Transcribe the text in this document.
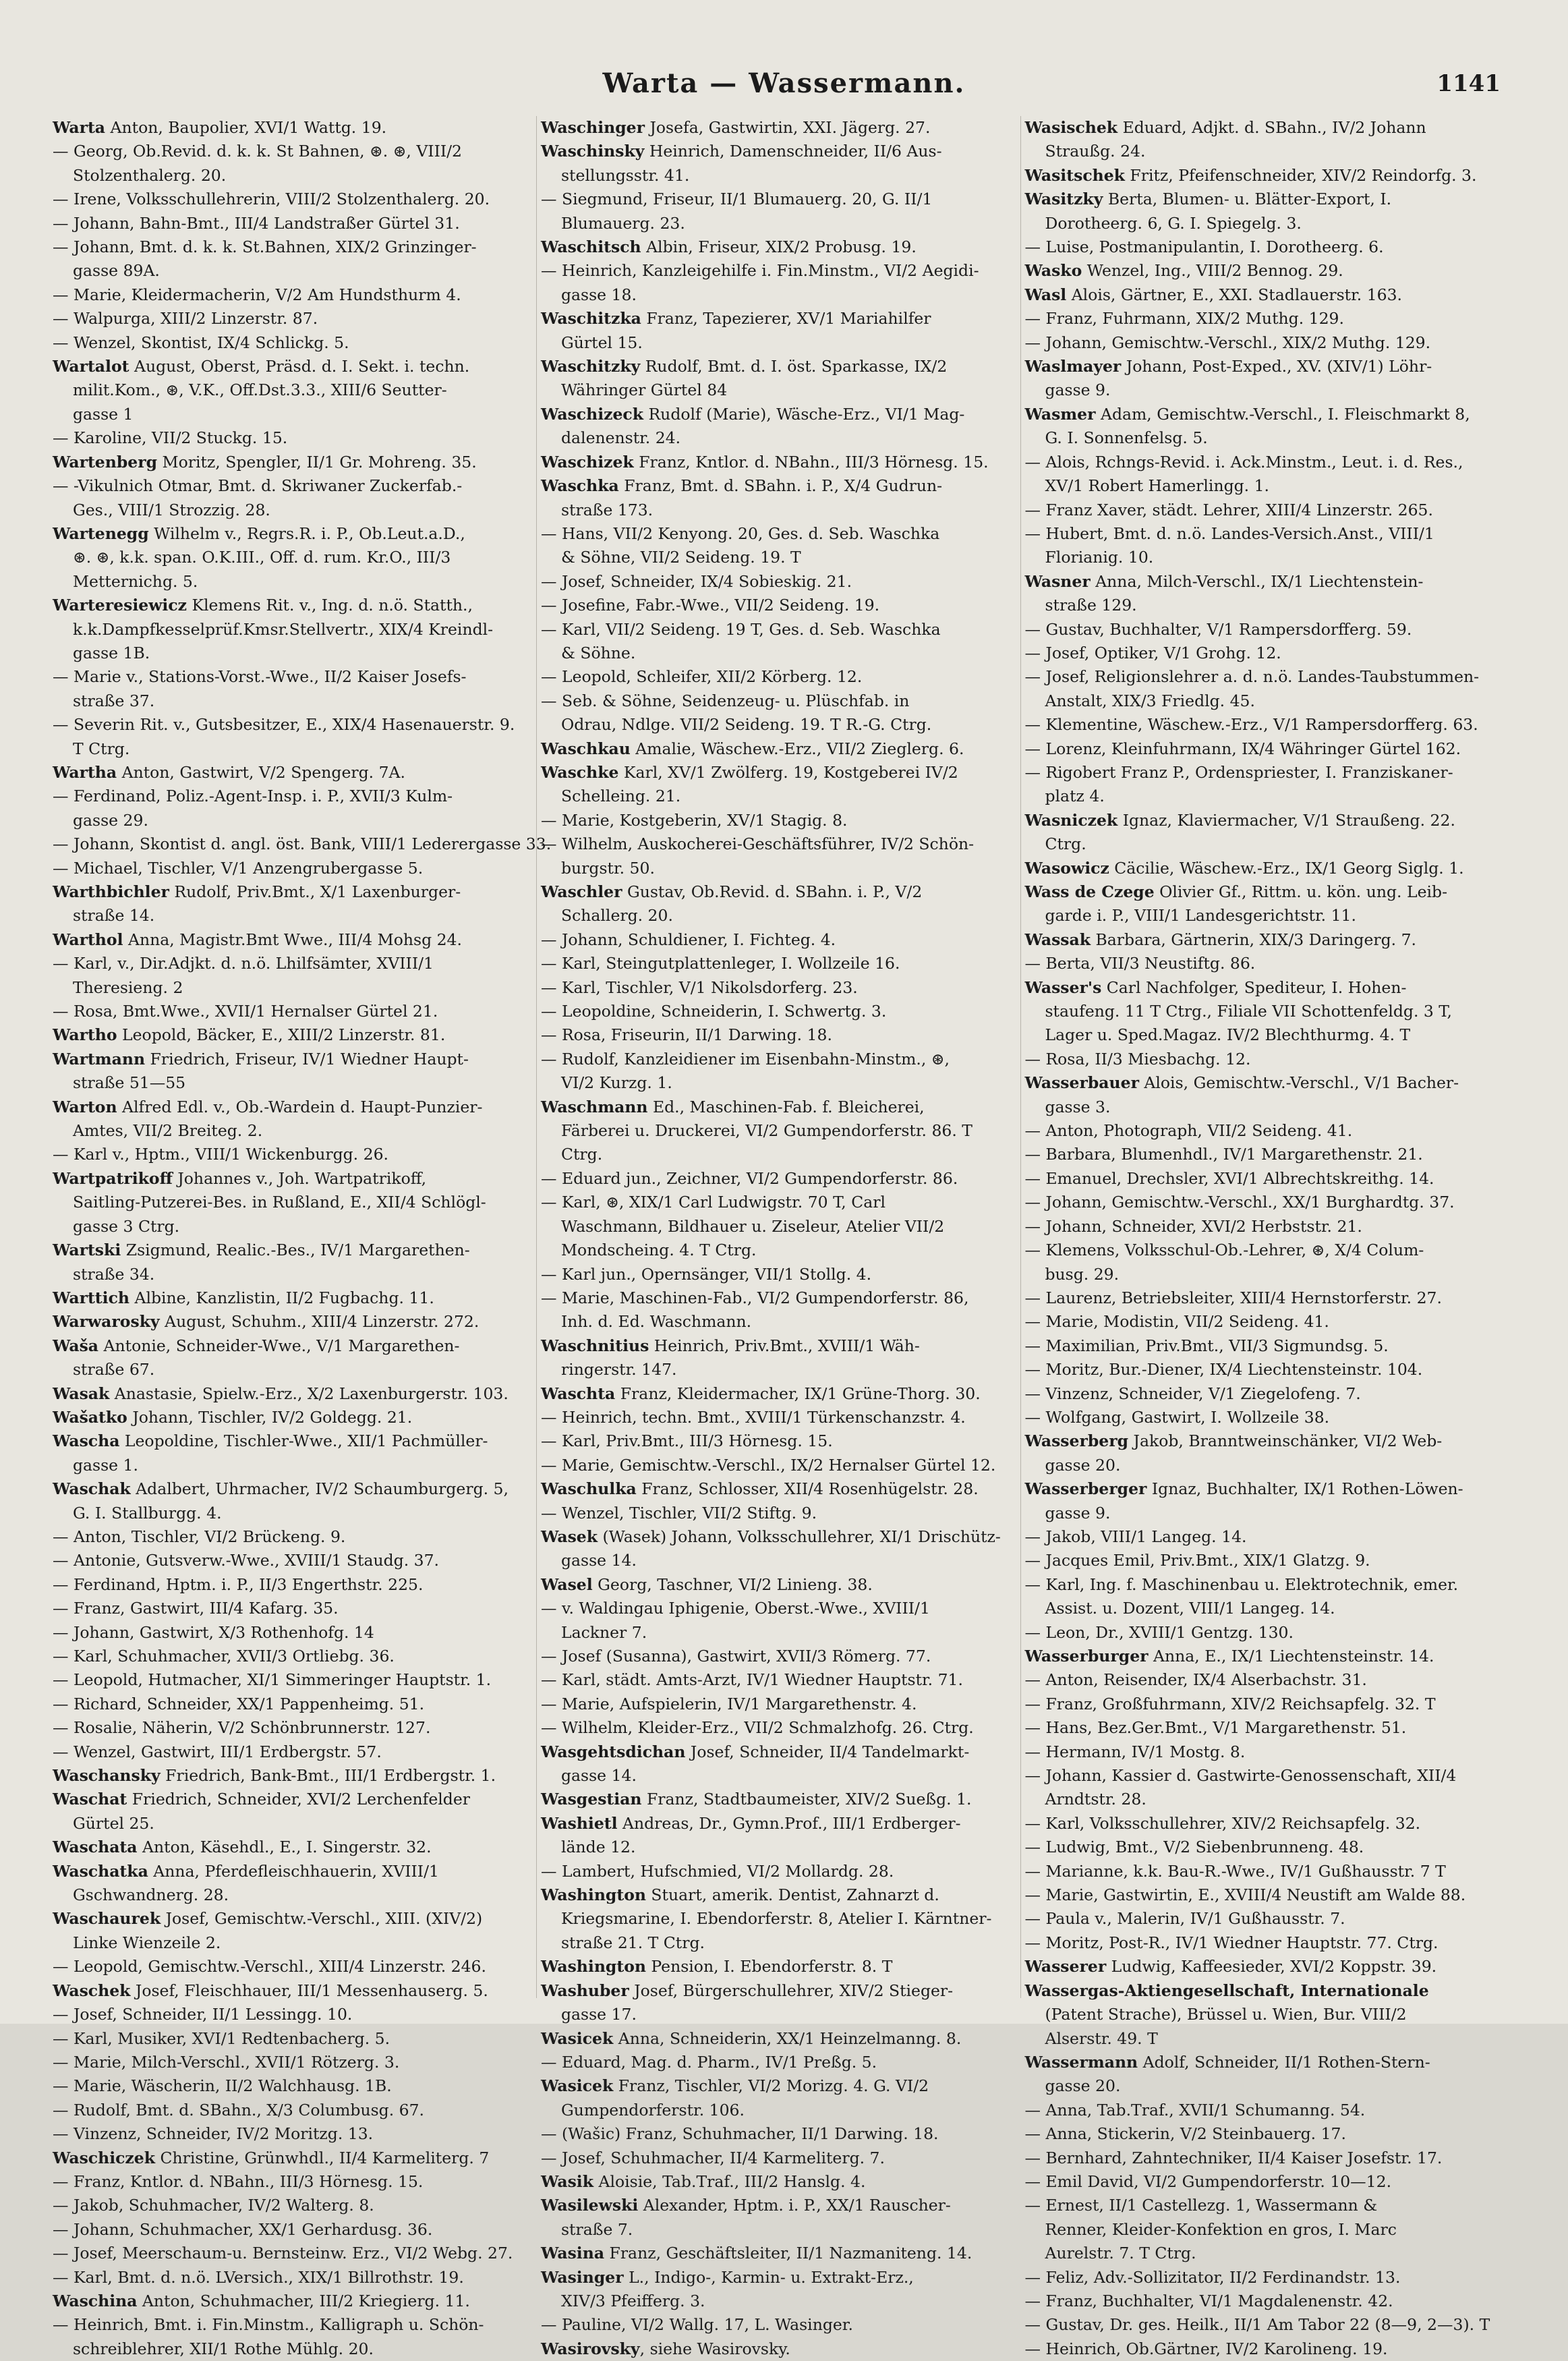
Warta — Wassermann.	1141
Warta Anton, Baupolier, XVI/1 Wattg. 19.
— Georg, Ob.Revid. d. k. k. St Bahnen, ⊛. ⊛, VIII/2
Stolzenthalerg. 20.
— Irene, Volksschullehrerin, VIII/2 Stolzenthalerg. 20.
— Johann, Bahn-Bmt., III/4 Landstraßer Gürtel 31.
— Johann, Bmt. d. k. k. St.Bahnen, XIX/2 Grinzinger-
gasse 89A.
— Marie, Kleidermacherin, V/2 Am Hundsthurm 4.
— Walpurga, XIII/2 Linzerstr. 87.
— Wenzel, Skontist, IX/4 Schlickg. 5.
Wartalot August, Oberst, Präsd. d. I. Sekt. i. techn.
milit.Kom., ⊛, V.K., Off.Dst.3.3., XIII/6 Seutter-
gasse 1
— Karoline, VII/2 Stuckg. 15.
Wartenberg Moritz, Spengler, II/1 Gr. Mohreng. 35.
— -Vikulnich Otmar, Bmt. d. Skriwaner Zuckerfab.-
Ges., VIII/1 Strozzig. 28.
Wartenegg Wilhelm v., Regrs.R. i. P., Ob.Leut.a.D.,
⊛. ⊛, k.k. span. O.K.III., Off. d. rum. Kr.O., III/3
Metternichg. 5.
Warteresiewicz Klemens Rit. v., Ing. d. n.ö. Statth.,
k.k.Dampfkesselprüf.Kmsr.Stellvertr., XIX/4 Kreindl-
gasse 1B.
— Marie v., Stations-Vorst.-Wwe., II/2 Kaiser Josefs-
straße 37.
— Severin Rit. v., Gutsbesitzer, E., XIX/4 Hasenauerstr. 9.
T Ctrg.
Wartha Anton, Gastwirt, V/2 Spengerg. 7A.
— Ferdinand, Poliz.-Agent-Insp. i. P., XVII/3 Kulm-
gasse 29.
— Johann, Skontist d. angl. öst. Bank, VIII/1 Lederergasse 33.
— Michael, Tischler, V/1 Anzengrubergasse 5.
Warthbichler Rudolf, Priv.Bmt., X/1 Laxenburger-
straße 14.
Warthol Anna, Magistr.Bmt Wwe., III/4 Mohsg 24.
— Karl, v., Dir.Adjkt. d. n.ö. Lhilfsämter, XVIII/1
Theresieng. 2
— Rosa, Bmt.Wwe., XVII/1 Hernalser Gürtel 21.
Wartho Leopold, Bäcker, E., XIII/2 Linzerstr. 81.
Wartmann Friedrich, Friseur, IV/1 Wiedner Haupt-
straße 51—55
Warton Alfred Edl. v., Ob.-Wardein d. Haupt-Punzier-
Amtes, VII/2 Breiteg. 2.
— Karl v., Hptm., VIII/1 Wickenburgg. 26.
Wartpatrikoff Johannes v., Joh. Wartpatrikoff,
Saitling-Putzerei-Bes. in Rußland, E., XII/4 Schlögl-
gasse 3 Ctrg.
Wartski Zsigmund, Realic.-Bes., IV/1 Margarethen-
straße 34.
Warttich Albine, Kanzlistin, II/2 Fugbachg. 11.
Warwarosky August, Schuhm., XIII/4 Linzerstr. 272.
Waša Antonie, Schneider-Wwe., V/1 Margarethen-
straße 67.
Wasak Anastasie, Spielw.-Erz., X/2 Laxenburgerstr. 103.
Wašatko Johann, Tischler, IV/2 Goldegg. 21.
Wascha Leopoldine, Tischler-Wwe., XII/1 Pachmüller-
gasse 1.
Waschak Adalbert, Uhrmacher, IV/2 Schaumburgerg. 5,
G. I. Stallburgg. 4.
— Anton, Tischler, VI/2 Brückeng. 9.
— Antonie, Gutsverw.-Wwe., XVIII/1 Staudg. 37.
— Ferdinand, Hptm. i. P., II/3 Engerthstr. 225.
— Franz, Gastwirt, III/4 Kafarg. 35.
— Johann, Gastwirt, X/3 Rothenhofg. 14
— Karl, Schuhmacher, XVII/3 Ortliebg. 36.
— Leopold, Hutmacher, XI/1 Simmeringer Hauptstr. 1.
— Richard, Schneider, XX/1 Pappenheimg. 51.
— Rosalie, Näherin, V/2 Schönbrunnerstr. 127.
— Wenzel, Gastwirt, III/1 Erdbergstr. 57.
Waschansky Friedrich, Bank-Bmt., III/1 Erdbergstr. 1.
Waschat Friedrich, Schneider, XVI/2 Lerchenfelder
Gürtel 25.
Waschata Anton, Käsehdl., E., I. Singerstr. 32.
Waschatka Anna, Pferdefleischhauerin, XVIII/1
Gschwandnerg. 28.
Waschaurek Josef, Gemischtw.-Verschl., XIII. (XIV/2)
Linke Wienzeile 2.
— Leopold, Gemischtw.-Verschl., XIII/4 Linzerstr. 246.
Waschek Josef, Fleischhauer, III/1 Messenhauserg. 5.
— Josef, Schneider, II/1 Lessingg. 10.
— Karl, Musiker, XVI/1 Redtenbacherg. 5.
— Marie, Milch-Verschl., XVII/1 Rötzerg. 3.
— Marie, Wäscherin, II/2 Walchhausg. 1B.
— Rudolf, Bmt. d. SBahn., X/3 Columbusg. 67.
— Vinzenz, Schneider, IV/2 Moritzg. 13.
Waschiczek Christine, Grünwhdl., II/4 Karmeliterg. 7
— Franz, Kntlor. d. NBahn., III/3 Hörnesg. 15.
— Jakob, Schuhmacher, IV/2 Walterg. 8.
— Johann, Schuhmacher, XX/1 Gerhardusg. 36.
— Josef, Meerschaum-u. Bernsteinw. Erz., VI/2 Webg. 27.
— Karl, Bmt. d. n.ö. LVersich., XIX/1 Billrothstr. 19.
Waschina Anton, Schuhmacher, III/2 Kriegierg. 11.
— Heinrich, Bmt. i. Fin.Minstm., Kalligraph u. Schön-
schreiblehrer, XII/1 Rothe Mühlg. 20.
Waschinger Josefa, Gastwirtin, XXI. Jägerg. 27.
Waschinsky Heinrich, Damenschneider, II/6 Aus-
stellungsstr. 41.
— Siegmund, Friseur, II/1 Blumauerg. 20, G. II/1
Blumauerg. 23.
Waschitsch Albin, Friseur, XIX/2 Probusg. 19.
— Heinrich, Kanzleigehilfe i. Fin.Minstm., VI/2 Aegidi-
gasse 18.
Waschitzka Franz, Tapezierer, XV/1 Mariahilfer
Gürtel 15.
Waschitzky Rudolf, Bmt. d. I. öst. Sparkasse, IX/2
Währinger Gürtel 84
Waschizeck Rudolf (Marie), Wäsche-Erz., VI/1 Mag-
dalenenstr. 24.
Waschizek Franz, Kntlor. d. NBahn., III/3 Hörnesg. 15.
Waschka Franz, Bmt. d. SBahn. i. P., X/4 Gudrun-
straße 173.
— Hans, VII/2 Kenyong. 20, Ges. d. Seb. Waschka
& Söhne, VII/2 Seideng. 19. T
— Josef, Schneider, IX/4 Sobieskig. 21.
— Josefine, Fabr.-Wwe., VII/2 Seideng. 19.
— Karl, VII/2 Seideng. 19 T, Ges. d. Seb. Waschka
& Söhne.
— Leopold, Schleifer, XII/2 Körberg. 12.
— Seb. & Söhne, Seidenzeug- u. Plüschfab. in
Odrau, Ndlge. VII/2 Seideng. 19. T R.-G. Ctrg.
Waschkau Amalie, Wäschew.-Erz., VII/2 Zieglerg. 6.
Waschke Karl, XV/1 Zwölferg. 19, Kostgeberei IV/2
Schelleing. 21.
— Marie, Kostgeberin, XV/1 Stagig. 8.
— Wilhelm, Auskocherei-Geschäftsführer, IV/2 Schön-
burgstr. 50.
Waschler Gustav, Ob.Revid. d. SBahn. i. P., V/2
Schallerg. 20.
— Johann, Schuldiener, I. Fichteg. 4.
— Karl, Steingutplattenleger, I. Wollzeile 16.
— Karl, Tischler, V/1 Nikolsdorferg. 23.
— Leopoldine, Schneiderin, I. Schwertg. 3.
— Rosa, Friseurin, II/1 Darwing. 18.
— Rudolf, Kanzleidiener im Eisenbahn-Minstm., ⊛,
VI/2 Kurzg. 1.
Waschmann Ed., Maschinen-Fab. f. Bleicherei,
Färberei u. Druckerei, VI/2 Gumpendorferstr. 86. T
Ctrg.
— Eduard jun., Zeichner, VI/2 Gumpendorferstr. 86.
— Karl, ⊛, XIX/1 Carl Ludwigstr. 70 T, Carl
Waschmann, Bildhauer u. Ziseleur, Atelier VII/2
Mondscheing. 4. T Ctrg.
— Karl jun., Opernsänger, VII/1 Stollg. 4.
— Marie, Maschinen-Fab., VI/2 Gumpendorferstr. 86,
Inh. d. Ed. Waschmann.
Waschnitius Heinrich, Priv.Bmt., XVIII/1 Wäh-
ringerstr. 147.
Waschta Franz, Kleidermacher, IX/1 Grüne-Thorg. 30.
— Heinrich, techn. Bmt., XVIII/1 Türkenschanzstr. 4.
— Karl, Priv.Bmt., III/3 Hörnesg. 15.
— Marie, Gemischtw.-Verschl., IX/2 Hernalser Gürtel 12.
Waschulka Franz, Schlosser, XII/4 Rosenhügelstr. 28.
— Wenzel, Tischler, VII/2 Stiftg. 9.
Wasek (Wasek) Johann, Volksschullehrer, XI/1 Drischütz-
gasse 14.
Wasel Georg, Taschner, VI/2 Linieng. 38.
— v. Waldingau Iphigenie, Oberst.-Wwe., XVIII/1
Lackner 7.
— Josef (Susanna), Gastwirt, XVII/3 Römerg. 77.
— Karl, städt. Amts-Arzt, IV/1 Wiedner Hauptstr. 71.
— Marie, Aufspielerin, IV/1 Margarethenstr. 4.
— Wilhelm, Kleider-Erz., VII/2 Schmalzhofg. 26. Ctrg.
Wasgehtsdichan Josef, Schneider, II/4 Tandelmarkt-
gasse 14.
Wasgestian Franz, Stadtbaumeister, XIV/2 Sueßg. 1.
Washietl Andreas, Dr., Gymn.Prof., III/1 Erdberger-
lände 12.
— Lambert, Hufschmied, VI/2 Mollardg. 28.
Washington Stuart, amerik. Dentist, Zahnarzt d.
Kriegsmarine, I. Ebendorferstr. 8, Atelier I. Kärntner-
straße 21. T Ctrg.
Washington Pension, I. Ebendorferstr. 8. T
Washuber Josef, Bürgerschullehrer, XIV/2 Stieger-
gasse 17.
Wasicek Anna, Schneiderin, XX/1 Heinzelmanng. 8.
— Eduard, Mag. d. Pharm., IV/1 Preßg. 5.
Wasicek Franz, Tischler, VI/2 Morizg. 4. G. VI/2
Gumpendorferstr. 106.
— (Wašic) Franz, Schuhmacher, II/1 Darwing. 18.
— Josef, Schuhmacher, II/4 Karmeliterg. 7.
Wasik Aloisie, Tab.Traf., III/2 Hanslg. 4.
Wasilewski Alexander, Hptm. i. P., XX/1 Rauscher-
straße 7.
Wasina Franz, Geschäftsleiter, II/1 Nazmaniteng. 14.
Wasinger L., Indigo-, Karmin- u. Extrakt-Erz.,
XIV/3 Pfeifferg. 3.
— Pauline, VI/2 Wallg. 17, L. Wasinger.
Wasirovsky, siehe Wasirovsky.
Wasischek Eduard, Adjkt. d. SBahn., IV/2 Johann
Straußg. 24.
Wasitschek Fritz, Pfeifenschneider, XIV/2 Reindorfg. 3.
Wasitzky Berta, Blumen- u. Blätter-Export, I.
Dorotheerg. 6, G. I. Spiegelg. 3.
— Luise, Postmanipulantin, I. Dorotheerg. 6.
Wasko Wenzel, Ing., VIII/2 Bennog. 29.
Wasl Alois, Gärtner, E., XXI. Stadlauerstr. 163.
— Franz, Fuhrmann, XIX/2 Muthg. 129.
— Johann, Gemischtw.-Verschl., XIX/2 Muthg. 129.
Waslmayer Johann, Post-Exped., XV. (XIV/1) Löhr-
gasse 9.
Wasmer Adam, Gemischtw.-Verschl., I. Fleischmarkt 8,
G. I. Sonnenfelsg. 5.
— Alois, Rchngs-Revid. i. Ack.Minstm., Leut. i. d. Res.,
XV/1 Robert Hamerlingg. 1.
— Franz Xaver, städt. Lehrer, XIII/4 Linzerstr. 265.
— Hubert, Bmt. d. n.ö. Landes-Versich.Anst., VIII/1
Florianig. 10.
Wasner Anna, Milch-Verschl., IX/1 Liechtenstein-
straße 129.
— Gustav, Buchhalter, V/1 Rampersdorfferg. 59.
— Josef, Optiker, V/1 Grohg. 12.
— Josef, Religionslehrer a. d. n.ö. Landes-Taubstummen-
Anstalt, XIX/3 Friedlg. 45.
— Klementine, Wäschew.-Erz., V/1 Rampersdorfferg. 63.
— Lorenz, Kleinfuhrmann, IX/4 Währinger Gürtel 162.
— Rigobert Franz P., Ordenspriester, I. Franziskaner-
platz 4.
Wasniczek Ignaz, Klaviermacher, V/1 Straußeng. 22.
Ctrg.
Wasowicz Cäcilie, Wäschew.-Erz., IX/1 Georg Siglg. 1.
Wass de Czege Olivier Gf., Rittm. u. kön. ung. Leib-
garde i. P., VIII/1 Landesgerichtstr. 11.
Wassak Barbara, Gärtnerin, XIX/3 Daringerg. 7.
— Berta, VII/3 Neustiftg. 86.
Wasser's Carl Nachfolger, Spediteur, I. Hohen-
staufeng. 11 T Ctrg., Filiale VII Schottenfeldg. 3 T,
Lager u. Sped.Magaz. IV/2 Blechthurmg. 4. T
— Rosa, II/3 Miesbachg. 12.
Wasserbauer Alois, Gemischtw.-Verschl., V/1 Bacher-
gasse 3.
— Anton, Photograph, VII/2 Seideng. 41.
— Barbara, Blumenhdl., IV/1 Margarethenstr. 21.
— Emanuel, Drechsler, XVI/1 Albrechtskreithg. 14.
— Johann, Gemischtw.-Verschl., XX/1 Burghardtg. 37.
— Johann, Schneider, XVI/2 Herbststr. 21.
— Klemens, Volksschul-Ob.-Lehrer, ⊛, X/4 Colum-
busg. 29.
— Laurenz, Betriebsleiter, XIII/4 Hernstorferstr. 27.
— Marie, Modistin, VII/2 Seideng. 41.
— Maximilian, Priv.Bmt., VII/3 Sigmundsg. 5.
— Moritz, Bur.-Diener, IX/4 Liechtensteinstr. 104.
— Vinzenz, Schneider, V/1 Ziegelofeng. 7.
— Wolfgang, Gastwirt, I. Wollzeile 38.
Wasserberg Jakob, Branntweinschänker, VI/2 Web-
gasse 20.
Wasserberger Ignaz, Buchhalter, IX/1 Rothen-Löwen-
gasse 9.
— Jakob, VIII/1 Langeg. 14.
— Jacques Emil, Priv.Bmt., XIX/1 Glatzg. 9.
— Karl, Ing. f. Maschinenbau u. Elektrotechnik, emer.
Assist. u. Dozent, VIII/1 Langeg. 14.
— Leon, Dr., XVIII/1 Gentzg. 130.
Wasserburger Anna, E., IX/1 Liechtensteinstr. 14.
— Anton, Reisender, IX/4 Alserbachstr. 31.
— Franz, Großfuhrmann, XIV/2 Reichsapfelg. 32. T
— Hans, Bez.Ger.Bmt., V/1 Margarethenstr. 51.
— Hermann, IV/1 Mostg. 8.
— Johann, Kassier d. Gastwirte-Genossenschaft, XII/4
Arndtstr. 28.
— Karl, Volksschullehrer, XIV/2 Reichsapfelg. 32.
— Ludwig, Bmt., V/2 Siebenbrunneng. 48.
— Marianne, k.k. Bau-R.-Wwe., IV/1 Gußhausstr. 7 T
— Marie, Gastwirtin, E., XVIII/4 Neustift am Walde 88.
— Paula v., Malerin, IV/1 Gußhausstr. 7.
— Moritz, Post-R., IV/1 Wiedner Hauptstr. 77. Ctrg.
Wasserer Ludwig, Kaffeesieder, XVI/2 Koppstr. 39.
Wassergas-Aktiengesellschaft, Internationale
(Patent Strache), Brüssel u. Wien, Bur. VIII/2
Alserstr. 49. T
Wassermann Adolf, Schneider, II/1 Rothen-Stern-
gasse 20.
— Anna, Tab.Traf., XVII/1 Schumanng. 54.
— Anna, Stickerin, V/2 Steinbauerg. 17.
— Bernhard, Zahntechniker, II/4 Kaiser Josefstr. 17.
— Emil David, VI/2 Gumpendorferstr. 10—12.
— Ernest, II/1 Castellezg. 1, Wassermann &
Renner, Kleider-Konfektion en gros, I. Marc
Aurelstr. 7. T Ctrg.
— Feliz, Adv.-Sollizitator, II/2 Ferdinandstr. 13.
— Franz, Buchhalter, VI/1 Magdalenenstr. 42.
— Gustav, Dr. ges. Heilk., II/1 Am Tabor 22 (8—9, 2—3). T
— Heinrich, Ob.Gärtner, IV/2 Karolineng. 19.
